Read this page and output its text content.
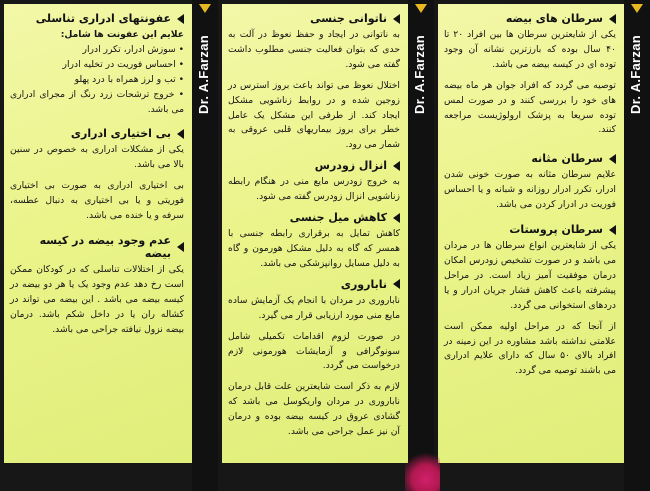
سرطان های بیضه

یکی از شایعترین سرطان ها بین افراد ۲۰ تا ۴۰ سال بوده که بارزترین نشانه آن وجود توده ای در کیسه بیضه می باشد.

توصیه می گردد که افراد جوان هر ماه بیضه های خود را بررسی کنند و در صورت لمس توده سریعا به پزشک ارولوژیست مراجعه کنند.

سرطان مثانه

علایم سرطان مثانه به صورت خونی شدن ادرار، تکرر ادرار روزانه و شبانه و یا احساس فوریت در ادرار کردن می باشد.

سرطان پروستات

یکی از شایعترین انواع سرطان ها در مردان می باشد و در صورت تشخیص زودرس امکان درمان موفقیت آمیز زیاد است. در مراحل پیشرفته باعث کاهش فشار جریان ادرار و یا دردهای استخوانی می گردد.

از آنجا که در مراحل اولیه ممکن است علامتی نداشته باشد مشاوره در این زمینه در افراد بالای ۵۰ سال که دارای علایم ادراری می باشند توصیه می گردد.

Dr. A.Farzan
ناتوانی جنسی

به ناتوانی در ایجاد و حفظ نعوظ در آلت به حدی که بتوان فعالیت جنسی مطلوب داشت گفته می شود.

اختلال نعوظ می تواند باعث بروز استرس در زوجین شده و در روابط زناشویی مشکل ایجاد کند. از طرفی این مشکل یک عامل خطر برای بروز بیماریهای قلبی عروقی به شمار می رود.

انزال زودرس

به خروج زودرس مایع منی در هنگام رابطه زناشویی انزال زودرس گفته می شود.

کاهش میل جنسی

کاهش تمایل به برقراری رابطه جنسی با همسر که گاه به دلیل مشکل هورمون و گاه به دلیل مسایل روانپزشکی می باشد.

ناباروری

ناباروری در مردان با انجام یک آزمایش ساده مایع منی مورد ارزیابی قرار می گیرد.

در صورت لزوم اقدامات تکمیلی شامل سونوگرافی و آزمایشات هورمونی لازم درخواست می گردد.

لازم به ذکر است شایعترین علت قابل درمان ناباروری در مردان واریکوسل می باشد که گشادی عروق در کیسه بیضه بوده و درمان آن نیز عمل جراحی می باشد.

Dr. A.Farzan
عفونتهای ادراری تناسلی

علایم این عفونت ها شامل:

• سوزش ادرار، تکرر ادرار

• احساس فوریت در تخلیه ادرار

• تب و لرز همراه با درد پهلو

• خروج ترشحات زرد رنگ از مجرای ادراری می باشد.

بی اختیاری ادراری

یکی از مشکلات ادراری به خصوص در سنین بالا می باشد.

بی اختیاری ادراری به صورت بی اختیاری فوریتی و یا بی اختیاری به دنبال عطسه، سرفه و یا خنده می باشد.

عدم وجود بیضه در کیسه بیضه

یکی از اختلالات تناسلی که در کودکان ممکن است رخ دهد عدم وجود یک یا هر دو بیضه در کیسه بیضه می باشد . این بیضه می تواند در کشاله ران یا در داخل شکم باشد. درمان بیضه نزول نیافته جراحی می باشد.

Dr. A.Farzan
